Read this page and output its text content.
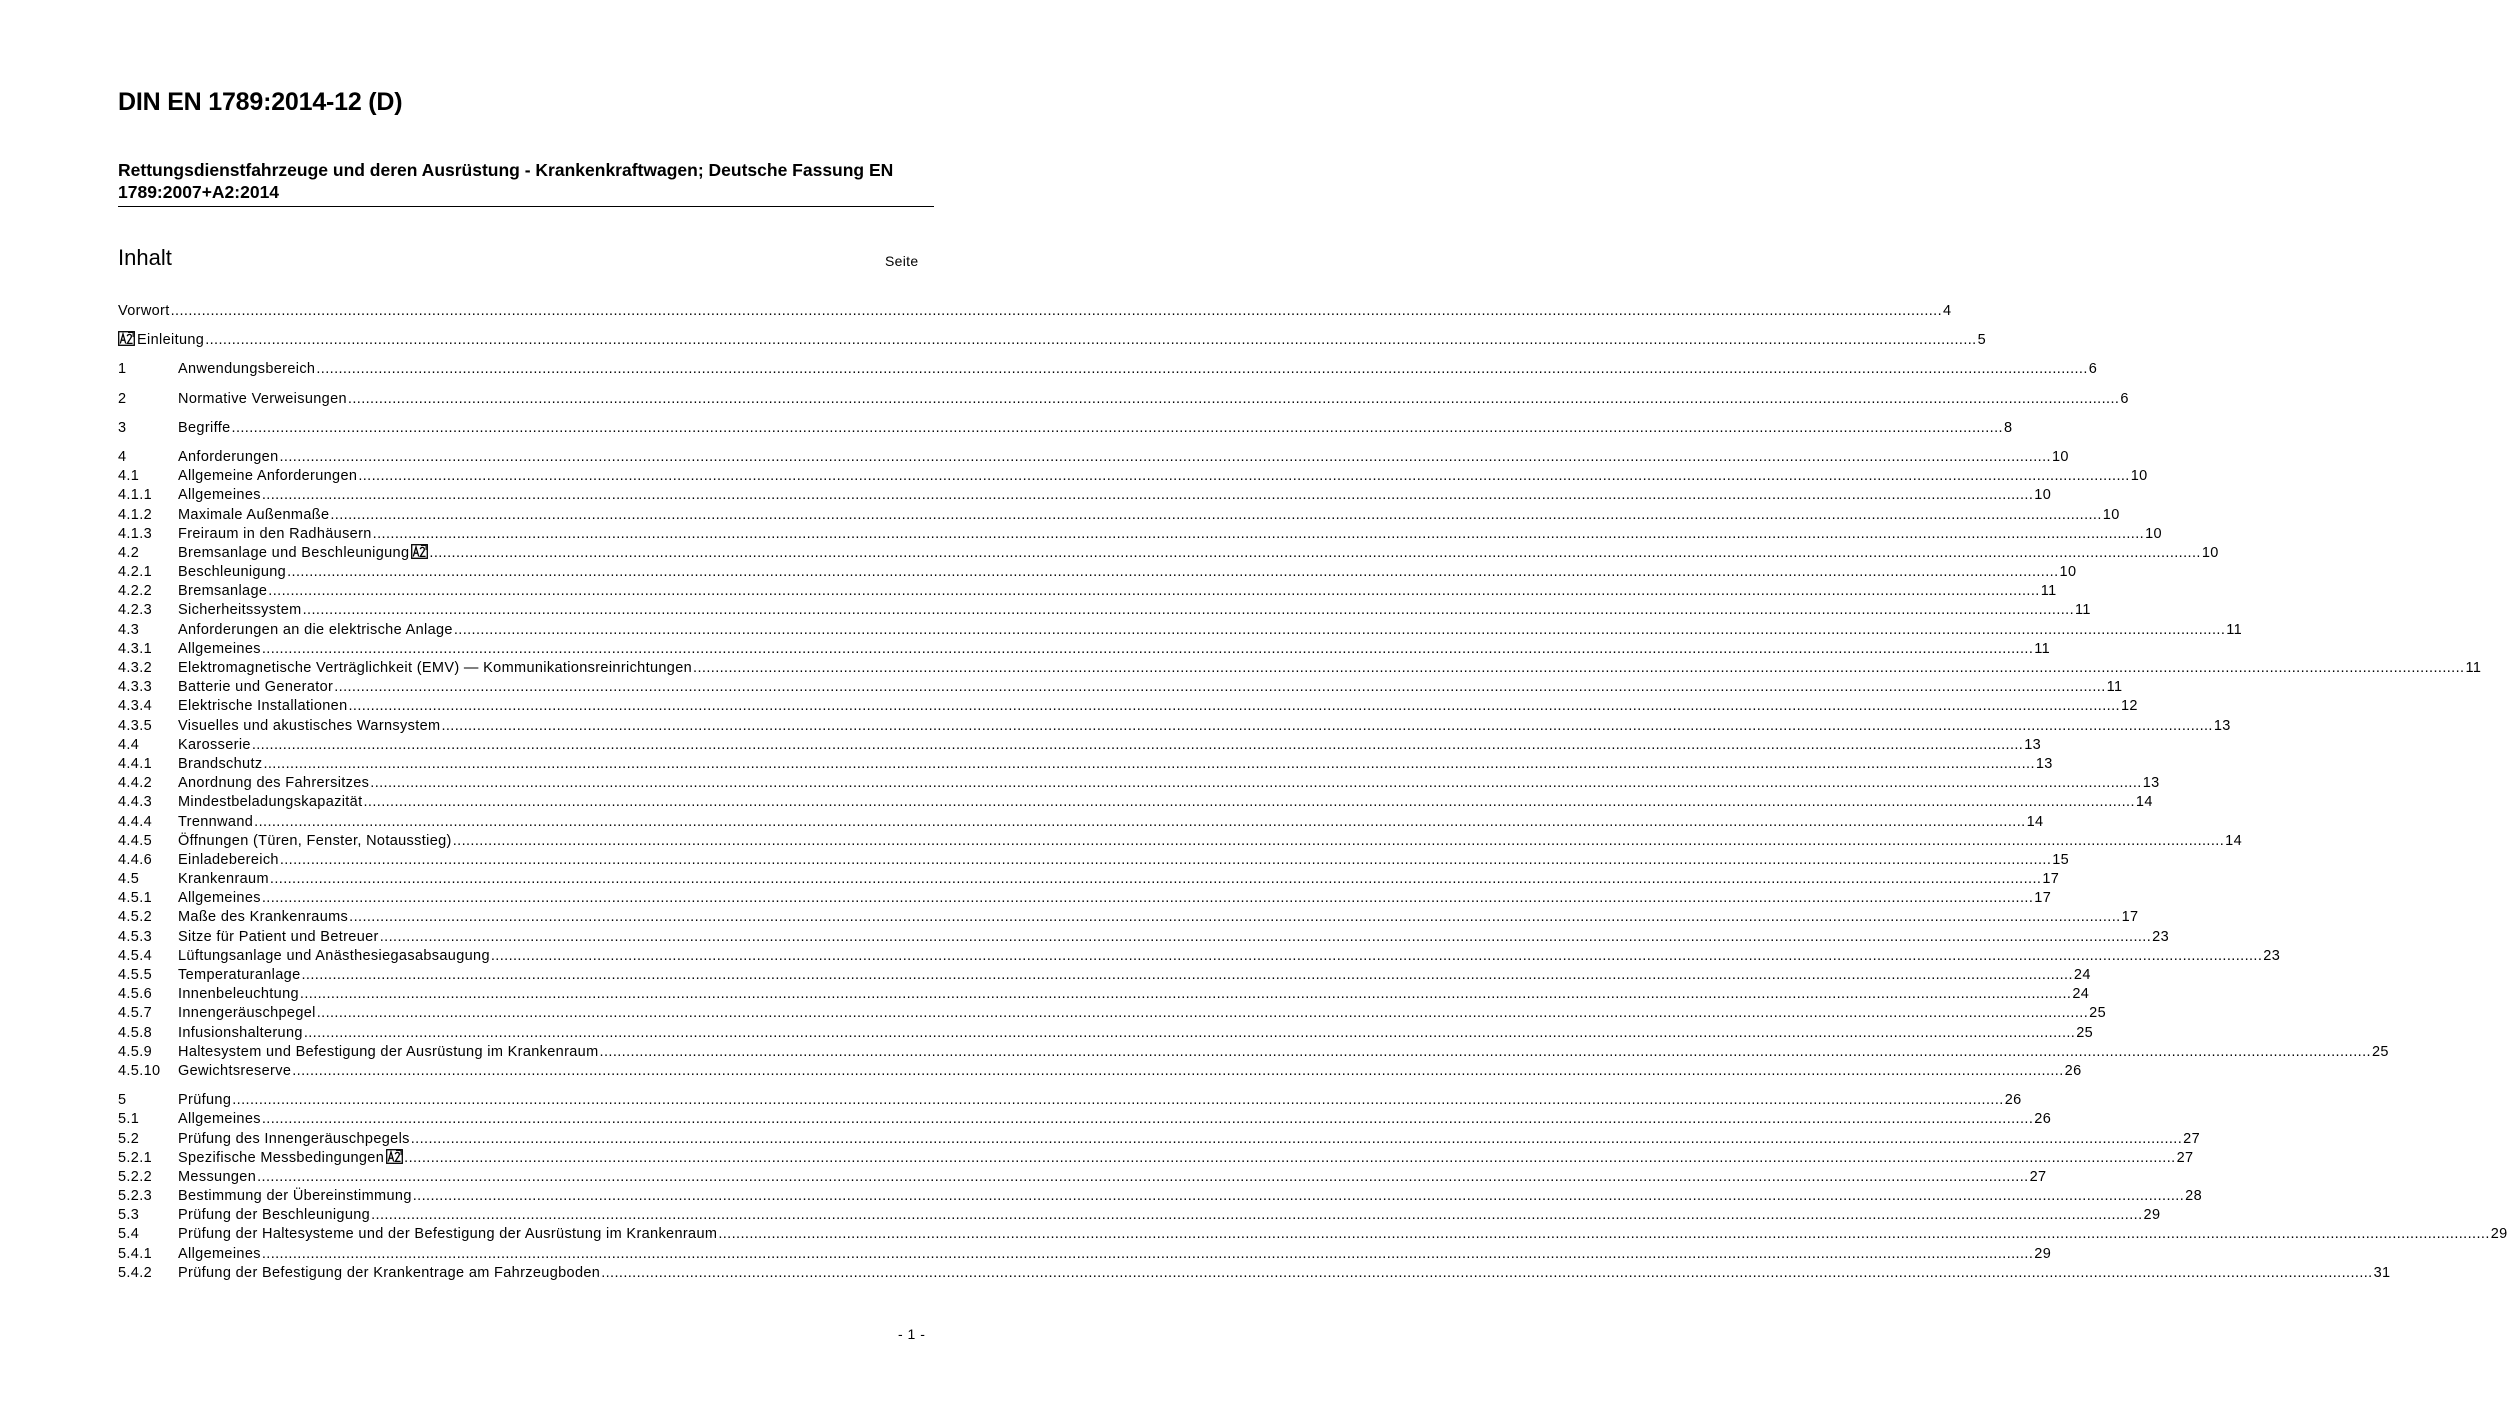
DIN EN 1789:2014-12 (D)
Rettungsdienstfahrzeuge und deren Ausrüstung - Krankenkraftwagen; Deutsche Fassung EN 1789:2007+A2:2014
Inhalt	Seite
Vorwort ................................................................................................................................................................................................................................................................................................................................................................................................................ 4
Einleitung ................................................................................................................................................................................................................................................................................................................................................................................................................ 5
1	Anwendungsbereich ................................................................................................................................................................................................................................................................................................................................................................................................................ 6
2	Normative Verweisungen ................................................................................................................................................................................................................................................................................................................................................................................................................ 6
3	Begriffe ................................................................................................................................................................................................................................................................................................................................................................................................................ 8
4	Anforderungen ................................................................................................................................................................................................................................................................................................................................................................................................................ 10
4.1	Allgemeine Anforderungen ................................................................................................................................................................................................................................................................................................................................................................................................................ 10
4.1.1	Allgemeines ................................................................................................................................................................................................................................................................................................................................................................................................................ 10
4.1.2	Maximale Außenmaße ................................................................................................................................................................................................................................................................................................................................................................................................................ 10
4.1.3	Freiraum in den Radhäusern ................................................................................................................................................................................................................................................................................................................................................................................................................ 10
4.2	Bremsanlage und Beschleunigung	................................................................................................................................................................................................................................................................................................................................................................................................................ 10
4.2.1	Beschleunigung ................................................................................................................................................................................................................................................................................................................................................................................................................ 10
4.2.2	Bremsanlage ................................................................................................................................................................................................................................................................................................................................................................................................................ 11
4.2.3	Sicherheitssystem ................................................................................................................................................................................................................................................................................................................................................................................................................ 11
4.3	Anforderungen an die elektrische Anlage ................................................................................................................................................................................................................................................................................................................................................................................................................ 11
4.3.1	Allgemeines ................................................................................................................................................................................................................................................................................................................................................................................................................ 11
4.3.2	Elektromagnetische Verträglichkeit (EMV) — Kommunikationsreinrichtungen ................................................................................................................................................................................................................................................................................................................................................................................................................ 11
4.3.3	Batterie und Generator ................................................................................................................................................................................................................................................................................................................................................................................................................ 11
4.3.4	Elektrische Installationen ................................................................................................................................................................................................................................................................................................................................................................................................................ 12
4.3.5	Visuelles und akustisches Warnsystem ................................................................................................................................................................................................................................................................................................................................................................................................................ 13
4.4	Karosserie ................................................................................................................................................................................................................................................................................................................................................................................................................ 13
4.4.1	Brandschutz ................................................................................................................................................................................................................................................................................................................................................................................................................ 13
4.4.2	Anordnung des Fahrersitzes ................................................................................................................................................................................................................................................................................................................................................................................................................ 13
4.4.3	Mindestbeladungskapazität ................................................................................................................................................................................................................................................................................................................................................................................................................ 14
4.4.4	Trennwand ................................................................................................................................................................................................................................................................................................................................................................................................................ 14
4.4.5	Öffnungen (Türen, Fenster, Notausstieg) ................................................................................................................................................................................................................................................................................................................................................................................................................ 14
4.4.6	Einladebereich ................................................................................................................................................................................................................................................................................................................................................................................................................ 15
4.5	Krankenraum ................................................................................................................................................................................................................................................................................................................................................................................................................ 17
4.5.1	Allgemeines ................................................................................................................................................................................................................................................................................................................................................................................................................ 17
4.5.2	Maße des Krankenraums ................................................................................................................................................................................................................................................................................................................................................................................................................ 17
4.5.3	Sitze für Patient und Betreuer ................................................................................................................................................................................................................................................................................................................................................................................................................ 23
4.5.4	Lüftungsanlage und Anästhesiegasabsaugung ................................................................................................................................................................................................................................................................................................................................................................................................................ 23
4.5.5	Temperaturanlage ................................................................................................................................................................................................................................................................................................................................................................................................................ 24
4.5.6	Innenbeleuchtung ................................................................................................................................................................................................................................................................................................................................................................................................................ 24
4.5.7	Innengeräuschpegel ................................................................................................................................................................................................................................................................................................................................................................................................................ 25
4.5.8	Infusionshalterung ................................................................................................................................................................................................................................................................................................................................................................................................................ 25
4.5.9	Haltesystem und Befestigung der Ausrüstung im Krankenraum ................................................................................................................................................................................................................................................................................................................................................................................................................ 25
4.5.10	Gewichtsreserve ................................................................................................................................................................................................................................................................................................................................................................................................................ 26
5	Prüfung ................................................................................................................................................................................................................................................................................................................................................................................................................ 26
5.1	Allgemeines ................................................................................................................................................................................................................................................................................................................................................................................................................ 26
5.2	Prüfung des Innengeräuschpegels ................................................................................................................................................................................................................................................................................................................................................................................................................ 27
5.2.1	Spezifische Messbedingungen	................................................................................................................................................................................................................................................................................................................................................................................................................ 27
5.2.2	Messungen ................................................................................................................................................................................................................................................................................................................................................................................................................ 27
5.2.3	Bestimmung der Übereinstimmung ................................................................................................................................................................................................................................................................................................................................................................................................................ 28
5.3	Prüfung der Beschleunigung ................................................................................................................................................................................................................................................................................................................................................................................................................ 29
5.4	Prüfung der Haltesysteme und der Befestigung der Ausrüstung im Krankenraum ................................................................................................................................................................................................................................................................................................................................................................................................................ 29
5.4.1	Allgemeines ................................................................................................................................................................................................................................................................................................................................................................................................................ 29
5.4.2	Prüfung der Befestigung der Krankentrage am Fahrzeugboden ................................................................................................................................................................................................................................................................................................................................................................................................................ 31
- 1 -
